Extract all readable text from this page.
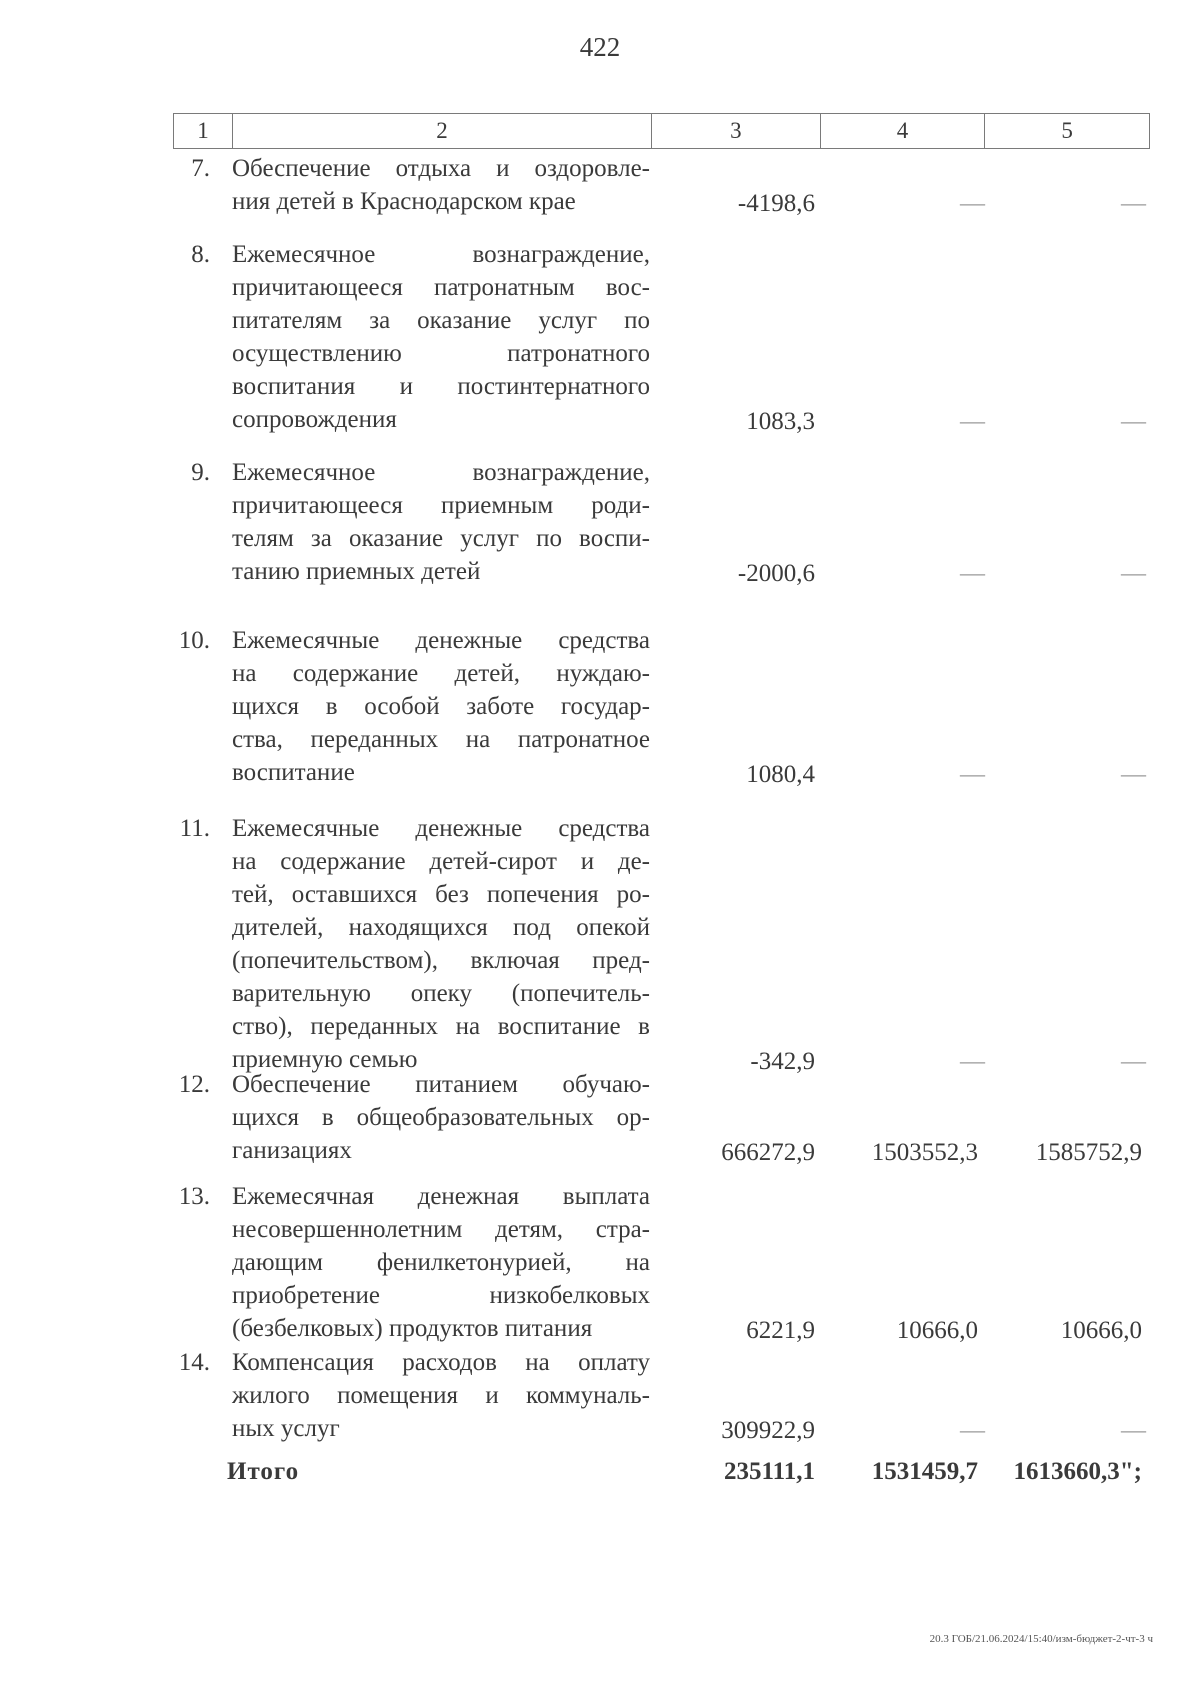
422
1	2	3	4	5
7. Обеспечение отдыха и оздоровле-
ния детей в Краснодарском крае	-4198,6	—	—
8. Ежемесячное вознаграждение,
причитающееся патронатным вос-
питателям за оказание услуг по
осуществлению патронатного
воспитания и постинтернатного
сопровождения	1083,3	—	—
9. Ежемесячное вознаграждение,
причитающееся приемным роди-
телям за оказание услуг по воспи-
танию приемных детей	-2000,6	—	—
10. Ежемесячные денежные средства
на содержание детей, нуждаю-
щихся в особой заботе государ-
ства, переданных на патронатное
воспитание	1080,4	—	—
11. Ежемесячные денежные средства
на содержание детей-сирот и де-
тей, оставшихся без попечения ро-
дителей, находящихся под опекой
(попечительством), включая пред-
варительную опеку (попечитель-
ство), переданных на воспитание в
приемную семью	-342,9	—	—
12. Обеспечение питанием обучаю-
щихся в общеобразовательных ор-
ганизациях	666272,9 1503552,3 1585752,9
13. Ежемесячная денежная выплата
несовершеннолетним детям, стра-
дающим фенилкетонурией, на
приобретение низкобелковых
(безбелковых) продуктов питания	6221,9	10666,0	10666,0
14. Компенсация расходов на оплату
жилого помещения и коммуналь-
ных услуг	309922,9	—	—
Итого	235111,1 1531459,7 1613660,3";
20.3 ГОБ/21.06.2024/15:40/изм-бюджет-2-чт-3 ч
